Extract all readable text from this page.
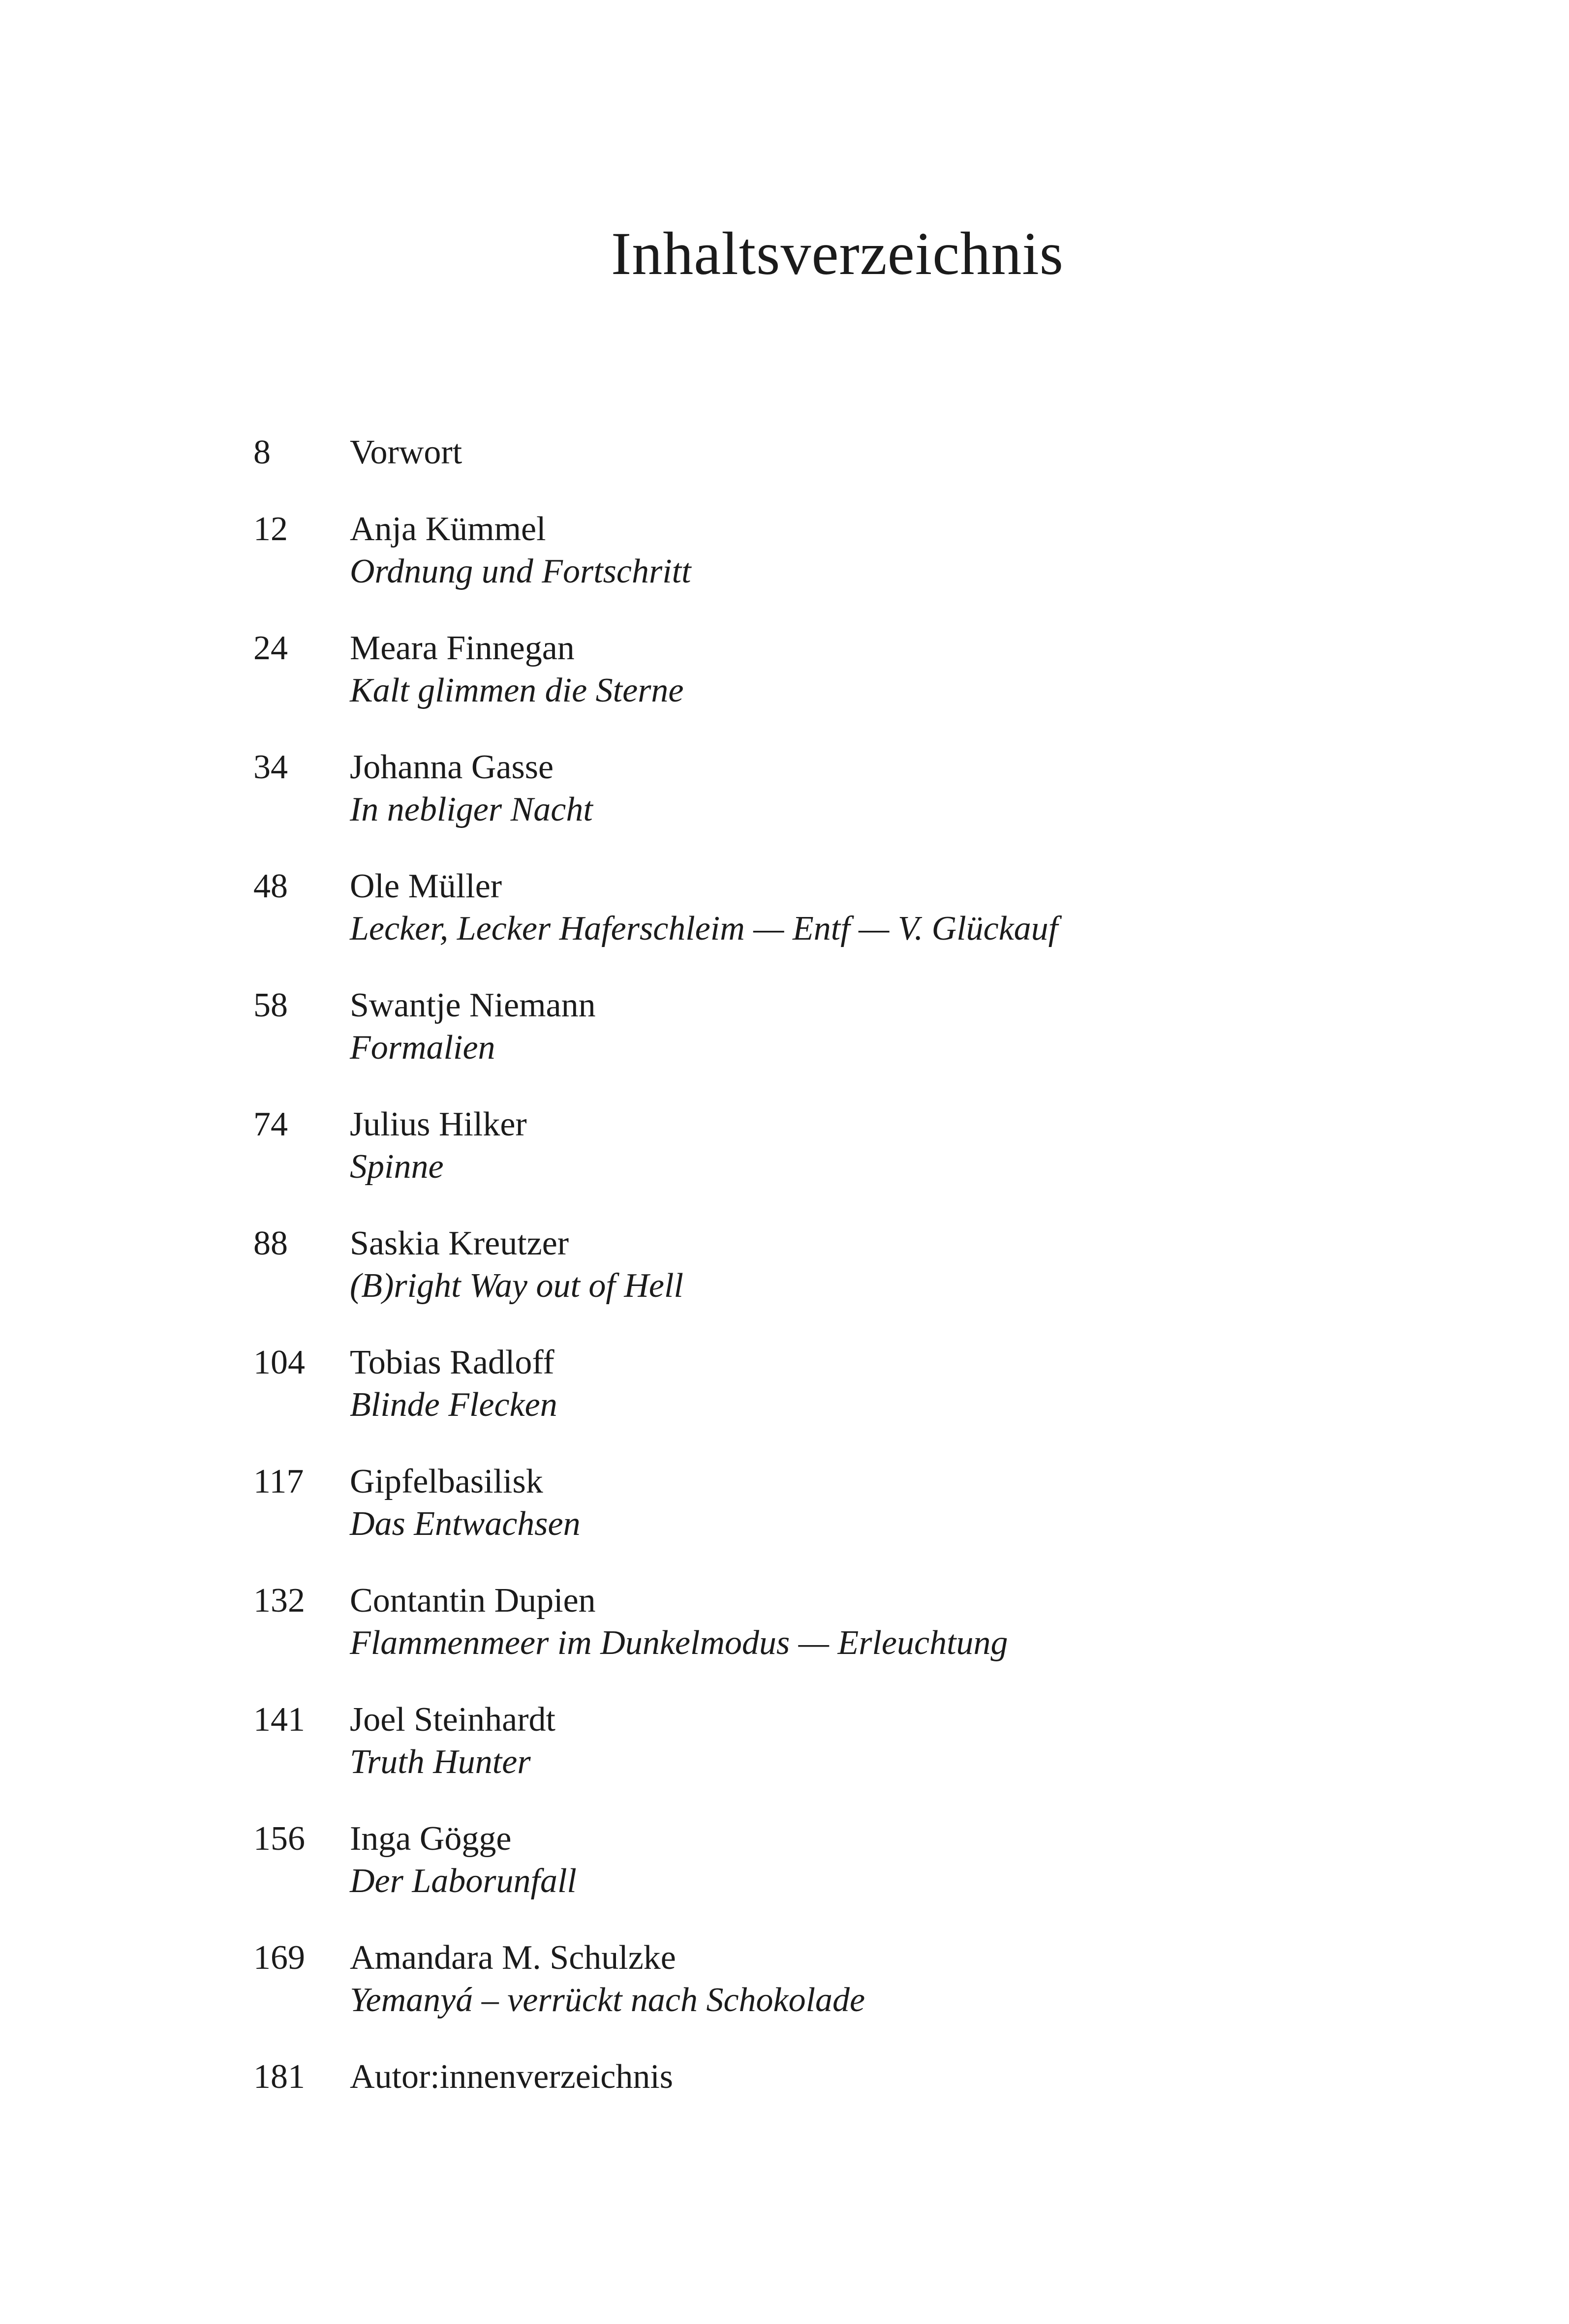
Inhaltsverzeichnis
8	Vorwort
12	Anja Kümmel
Ordnung und Fortschritt
24	Meara Finnegan
Kalt glimmen die Sterne
34	Johanna Gasse
In nebliger Nacht
48	Ole Müller
Lecker, Lecker Haferschleim — Entf — V. Glückauf
58	Swantje Niemann
Formalien
74	Julius Hilker
Spinne
88	Saskia Kreutzer
(B)right Way out of Hell
104	Tobias Radloff
Blinde Flecken
117	Gipfelbasilisk
Das Entwachsen
132	Contantin Dupien
Flammenmeer im Dunkelmodus — Erleuchtung
141	Joel Steinhardt
Truth Hunter
156	Inga Gögge
Der Laborunfall
169	Amandara M. Schulzke
Yemanyá – verrückt nach Schokolade
181	Autor:innenverzeichnis
